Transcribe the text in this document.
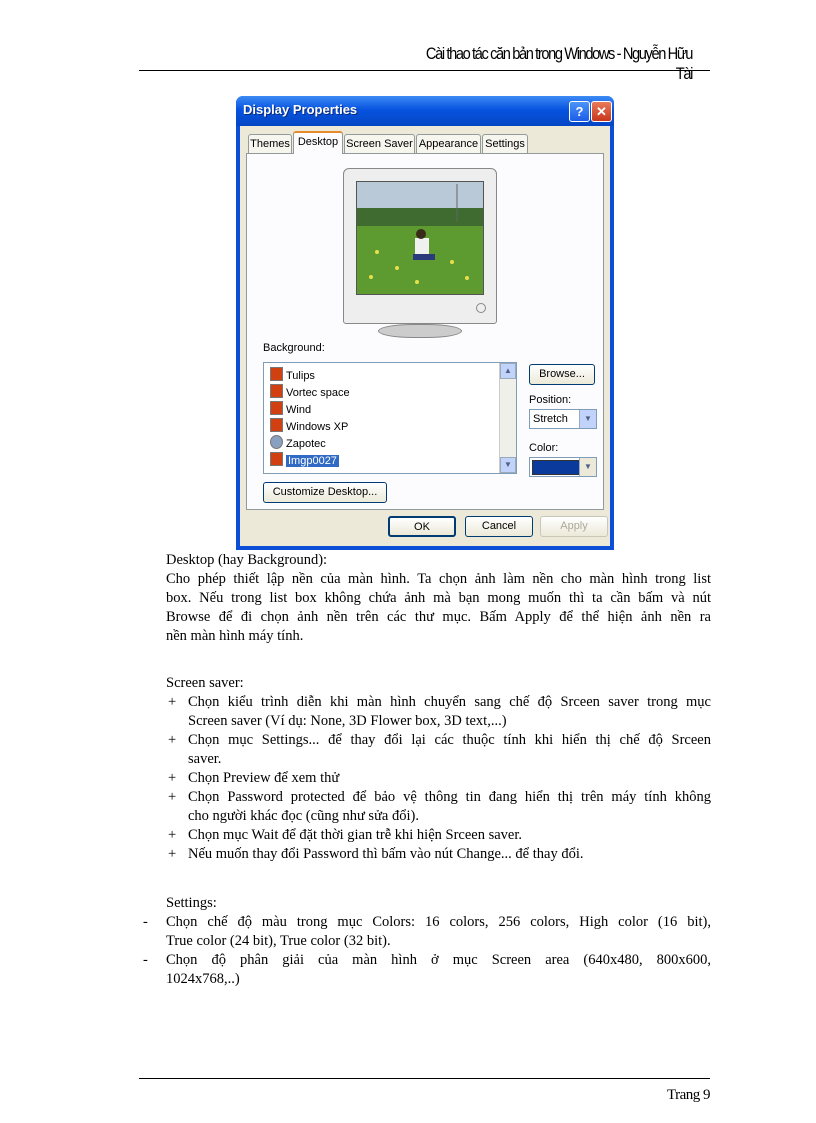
Cài thao tác căn bản trong Windows - Nguyễn Hữu Tài
Display Properties	? ✕
Themes Desktop Screen Saver Appearance Settings
Background:
Tulips
Vortec space
Wind
Windows XP
Zapotec
Imgp0027
▲
▼
Browse...
Position:
Stretch	▼
Color:
▼
Customize Desktop...
OK	Cancel	Apply
Desktop (hay Background):
Cho phép thiết lập nền của màn hình. Ta chọn ảnh làm nền cho màn hình trong list
box. Nếu trong list box không chứa ảnh mà bạn mong muốn thì ta cần bấm và nút
Browse để đi chọn ảnh nền trên các thư mục. Bấm Apply để thể hiện ảnh nền ra
nền màn hình máy tính.
Screen saver:
+ Chọn kiểu trình diễn khi màn hình chuyển sang chế độ Srceen saver trong mục
Screen saver (Ví dụ: None, 3D Flower box, 3D text,...)
+ Chọn mục Settings... để thay đổi lại các thuộc tính khi hiển thị chế độ Srceen
saver.
+ Chọn Preview để xem thử
+ Chọn Password protected để bảo vệ thông tin đang hiển thị trên máy tính không
cho người khác đọc (cũng như sửa đổi).
+ Chọn mục Wait để đặt thời gian trễ khi hiện Srceen saver.
+ Nếu muốn thay đổi Password thì bấm vào nút Change... để thay đổi.
Settings:
- Chọn chế độ màu trong mục Colors: 16 colors, 256 colors, High color (16 bit),
True color (24 bit), True color (32 bit).
- Chọn độ phân giải của màn hình ở mục Screen area (640x480, 800x600,
1024x768,..)
Trang 9
